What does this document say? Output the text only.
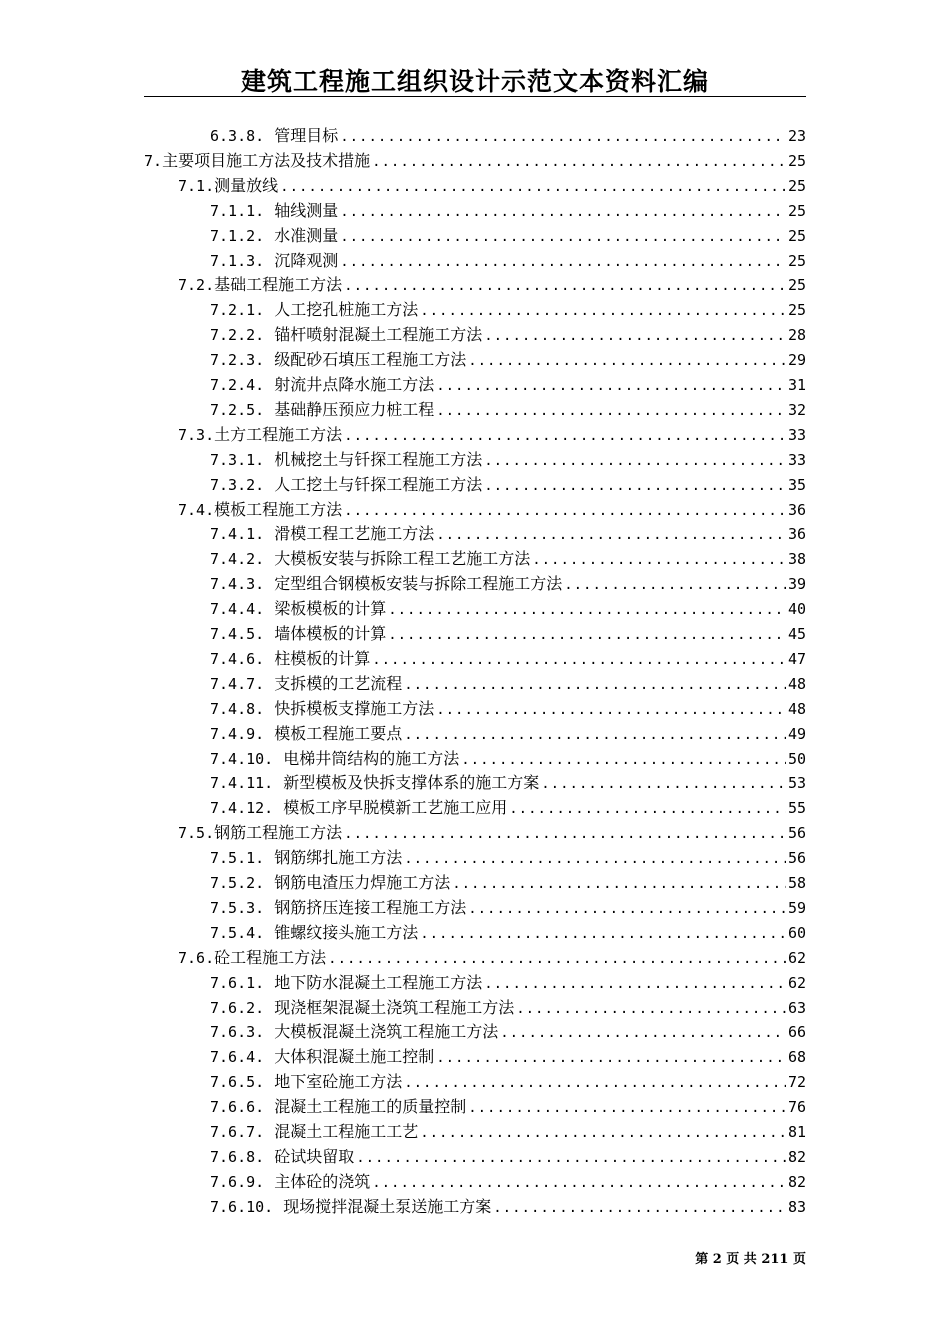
建筑工程施工组织设计示范文本资料汇编
6.3.8. 管理目标 .....	23
7. 主要项目施工方法及技术措施 .....	25
7.1. 测量放线 .....	25
7.1.1. 轴线测量 .....	25
7.1.2. 水准测量 .....	25
7.1.3. 沉降观测 .....	25
7.2. 基础工程施工方法 .....	25
7.2.1. 人工挖孔桩施工方法 .....	25
7.2.2. 锚杆喷射混凝土工程施工方法 .....	28
7.2.3. 级配砂石填压工程施工方法 .....	29
7.2.4. 射流井点降水施工方法 .....	31
7.2.5. 基础静压预应力桩工程 .....	32
7.3. 土方工程施工方法 .....	33
7.3.1. 机械挖土与钎探工程施工方法 .....	33
7.3.2. 人工挖土与钎探工程施工方法 .....	35
7.4. 模板工程施工方法 .....	36
7.4.1. 滑模工程工艺施工方法 .....	36
7.4.2. 大模板安装与拆除工程工艺施工方法 .....	38
7.4.3. 定型组合钢模板安装与拆除工程施工方法 .....	39
7.4.4. 梁板模板的计算 .....	40
7.4.5. 墙体模板的计算 .....	45
7.4.6. 柱模板的计算 .....	47
7.4.7. 支拆模的工艺流程 .....	48
7.4.8. 快拆模板支撑施工方法 .....	48
7.4.9. 模板工程施工要点 .....	49
7.4.10. 电梯井筒结构的施工方法 .....	50
7.4.11. 新型模板及快拆支撑体系的施工方案 .....	53
7.4.12. 模板工序早脱模新工艺施工应用 .....	55
7.5. 钢筋工程施工方法 .....	56
7.5.1. 钢筋绑扎施工方法 .....	56
7.5.2. 钢筋电渣压力焊施工方法 .....	58
7.5.3. 钢筋挤压连接工程施工方法 .....	59
7.5.4. 锥螺纹接头施工方法 .....	60
7.6. 砼工程施工方法 .....	62
7.6.1. 地下防水混凝土工程施工方法 .....	62
7.6.2. 现浇框架混凝土浇筑工程施工方法 .....	63
7.6.3. 大模板混凝土浇筑工程施工方法 .....	66
7.6.4. 大体积混凝土施工控制 .....	68
7.6.5. 地下室砼施工方法 .....	72
7.6.6. 混凝土工程施工的质量控制 .....	76
7.6.7. 混凝土工程施工工艺 .....	81
7.6.8. 砼试块留取 .....	82
7.6.9. 主体砼的浇筑 .....	82
7.6.10. 现场搅拌混凝土泵送施工方案 .....	83
第 2 页 共 211 页
